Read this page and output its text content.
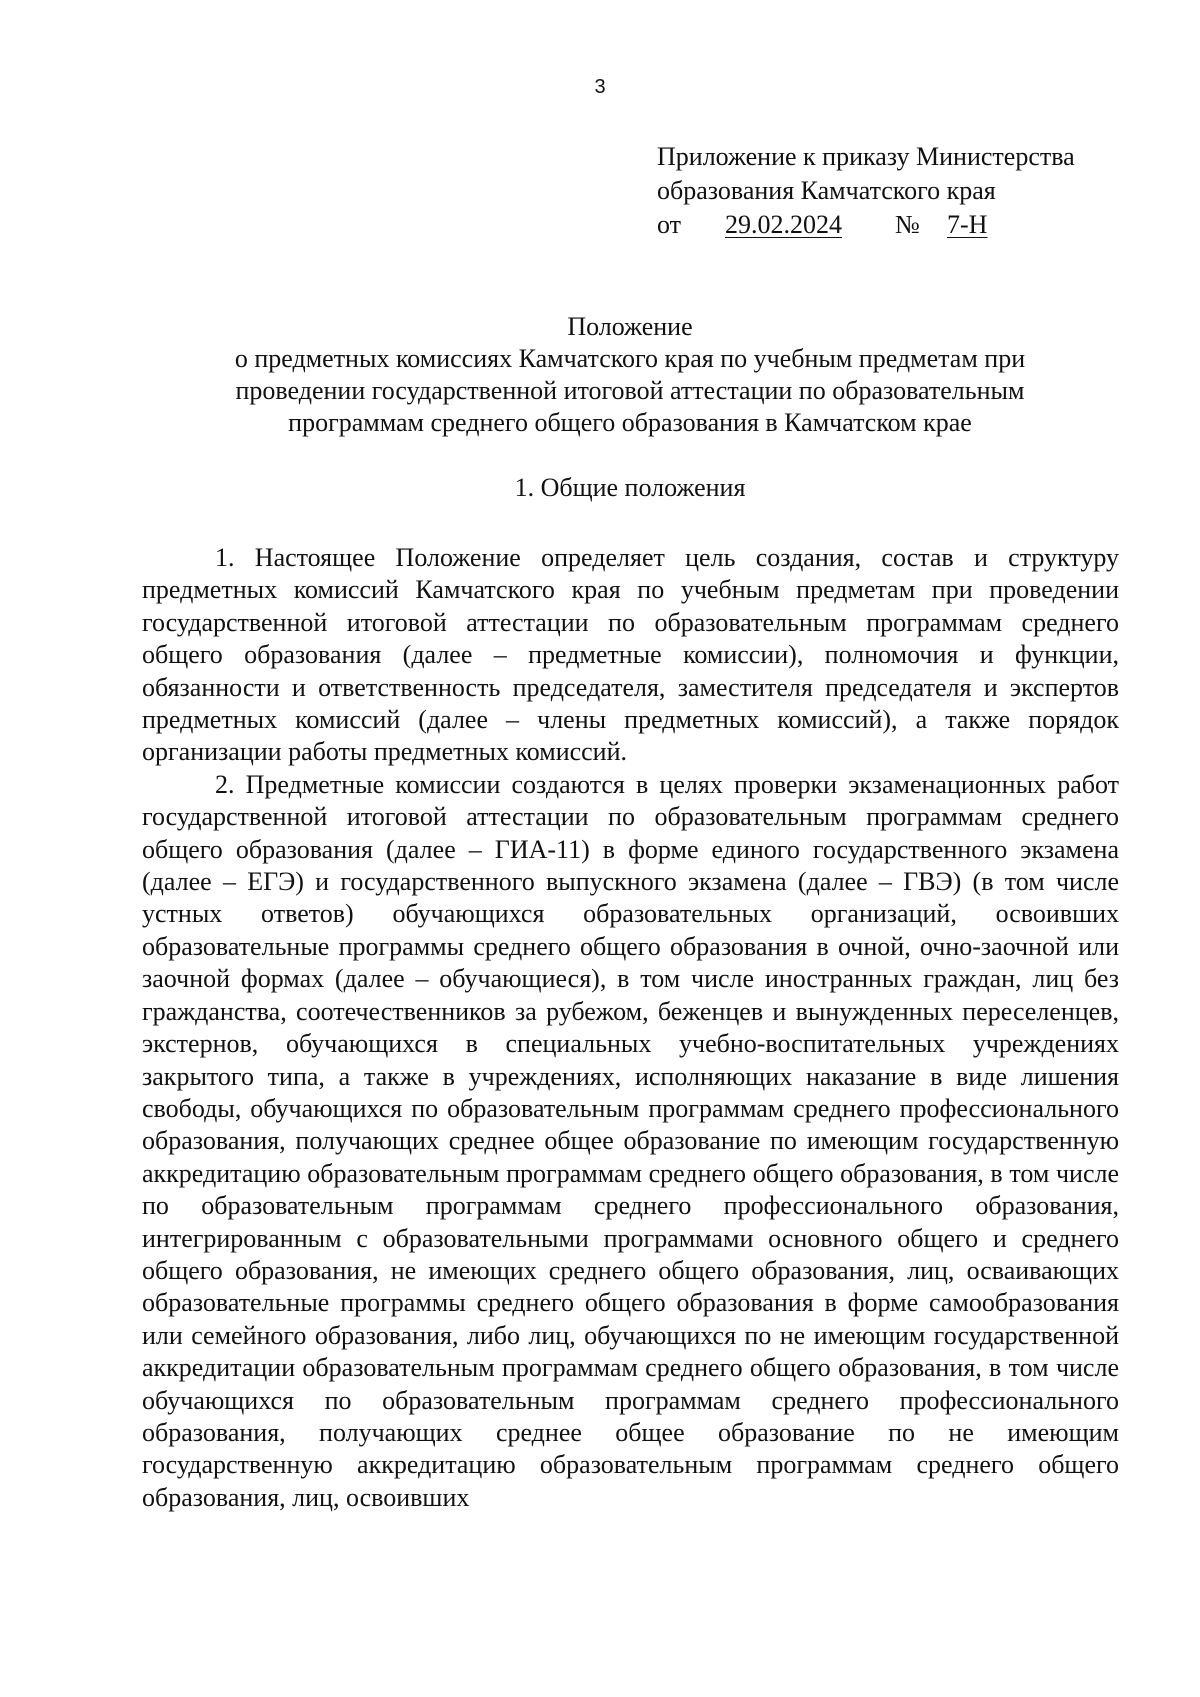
3
Приложение к приказу Министерства
образования Камчатского края
от 29.02.2024 № 7-Н
Положение
о предметных комиссиях Камчатского края по учебным предметам при
проведении государственной итоговой аттестации по образовательным
программам среднего общего образования в Камчатском крае
1. Общие положения

1. Настоящее Положение определяет цель создания, состав и структуру предметных комиссий Камчатского края по учебным предметам при проведении государственной итоговой аттестации по образовательным программам среднего общего образования (далее – предметные комиссии), полномочия и функции, обязанности и ответственность председателя, заместителя председателя и экспертов предметных комиссий (далее – члены предметных комиссий), а также порядок организации работы предметных комиссий.

2. Предметные комиссии создаются в целях проверки экзаменационных работ государственной итоговой аттестации по образовательным программам среднего общего образования (далее – ГИА-11) в форме единого государственного экзамена (далее – ЕГЭ) и государственного выпускного экзамена (далее – ГВЭ) (в том числе устных ответов) обучающихся образовательных организаций, освоивших образовательные программы среднего общего образования в очной, очно-заочной или заочной формах (далее – обучающиеся), в том числе иностранных граждан, лиц без гражданства, соотечественников за рубежом, беженцев и вынужденных переселенцев, экстернов, обучающихся в специальных учебно-воспитательных учреждениях закрытого типа, а также в учреждениях, исполняющих наказание в виде лишения свободы, обучающихся по образовательным программам среднего профессионального образования, получающих среднее общее образование по имеющим государственную аккредитацию образовательным программам среднего общего образования, в том числе по образовательным программам среднего профессионального образования, интегрированным с образовательными программами основного общего и среднего общего образования, не имеющих среднего общего образования, лиц, осваивающих образовательные программы среднего общего образования в форме самообразования или семейного образования, либо лиц, обучающихся по не имеющим государственной аккредитации образовательным программам среднего общего образования, в том числе обучающихся по образовательным программам среднего профессионального образования, получающих среднее общее образование по не имеющим государственную аккредитацию образовательным программам среднего общего образования, лиц, освоивших
